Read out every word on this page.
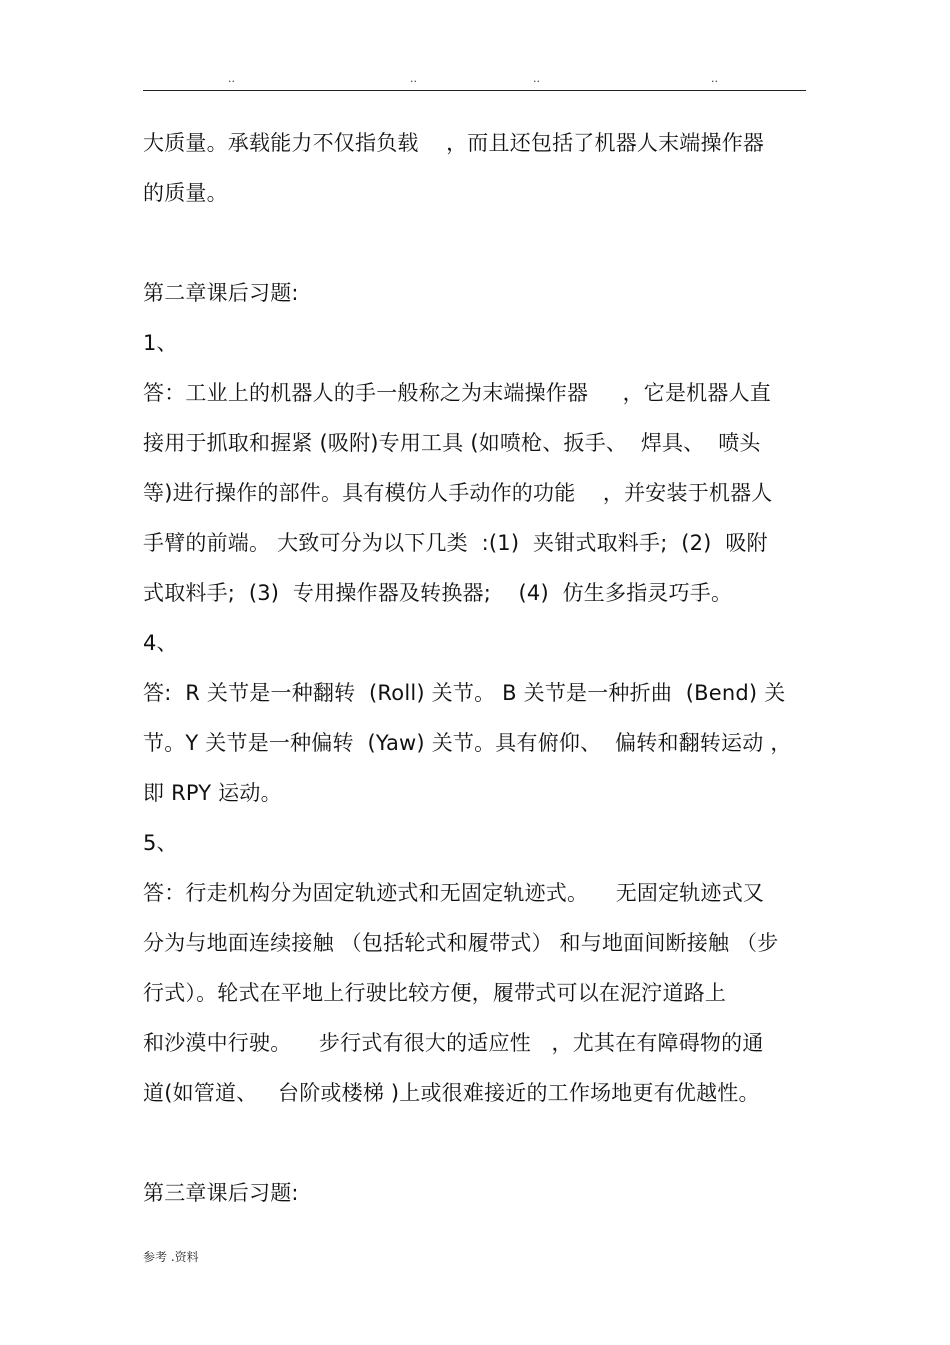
..	..	..	..
大质量。承载能力不仅指负载    ，而且还包括了机器人末端操作器
的质量。
第二章课后习题:
1、
答：工业上的机器人的手一般称之为末端操作器     ，它是机器人直
接用于抓取和握紧 (吸附)专用工具 (如喷枪、扳手、  焊具、  喷头
等)进行操作的部件。具有模仿人手动作的功能    ，并安装于机器人
手臂的前端。 大致可分为以下几类  :(1)  夹钳式取料手;  (2)  吸附
式取料手;  (3)  专用操作器及转换器;    (4)  仿生多指灵巧手。
4、
答:  R 关节是一种翻转  (Roll) 关节。 B 关节是一种折曲  (Bend) 关
节。Y 关节是一种偏转  (Yaw) 关节。具有俯仰、  偏转和翻转运动 ，
即 RPY 运动。
5、
答：行走机构分为固定轨迹式和无固定轨迹式。    无固定轨迹式又
分为与地面连续接触 （包括轮式和履带式） 和与地面间断接触 （步
行式）。轮式在平地上行驶比较方便，履带式可以在泥泞道路上
和沙漠中行驶。    步行式有很大的适应性   ，尤其在有障碍物的通
道(如管道、   台阶或楼梯 )上或很难接近的工作场地更有优越性。
第三章课后习题:
参考 .资料
